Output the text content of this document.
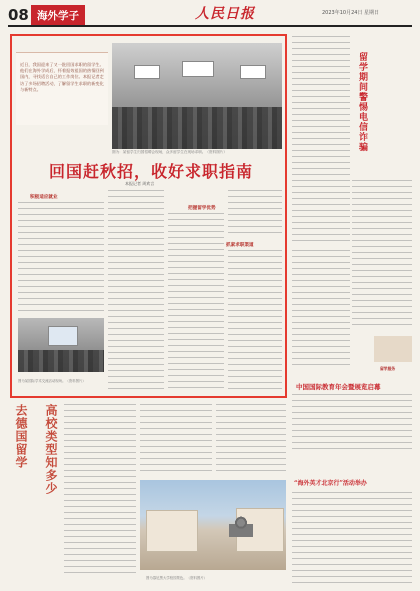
08 海外学子	人民日报	2023年10月24日 星期日
近日，我国迎来了又一批回国求职的留学生。他们在海外学成后，怀着报效祖国的热情回到国内，寻找适合自己的工作岗位。本报记者走访了多场招聘活动，了解留学生求职的新变化与新特点。
图为：某留学生归国招聘会现场，众多留学生在现场求职。（资料图片）
回国赶秋招，收好求职指南
本报记者 周欢言
积极适应就业
把握留学优势
抓紧求职渠道
图为某国际学术交流活动现场。（资料图片）
留学期间警惕电信诈骗
留学服务
中国国际教育年会暨展览启幕
去德国留学 高校类型知多少
图为慕尼黑大学校园景色。（资料图片）
“海外英才北京行”活动举办
